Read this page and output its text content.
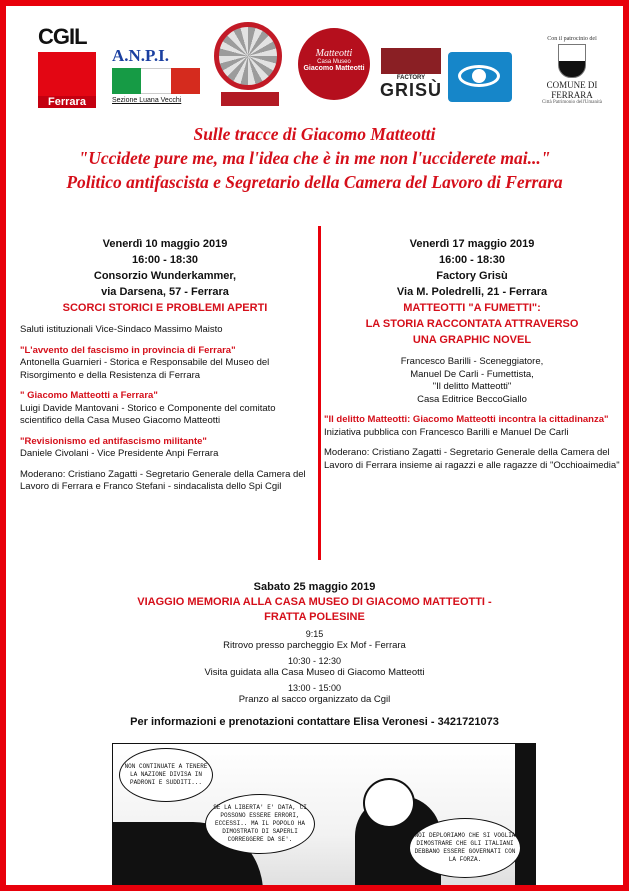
CGIL
Ferrara
A.N.P.I.
Sezione Luana Vecchi
Matteotti
Casa Museo
Giacomo Matteotti
FACTORY
GRISÙ
Con il patrocinio del
COMUNE DI FERRARA
Città Patrimonio dell'Umanità
Sulle tracce di Giacomo Matteotti
"Uccidete pure me, ma l'idea che è in me non l'ucciderete mai..."
Politico antifascista e Segretario della Camera del Lavoro di Ferrara
Venerdì 10 maggio 2019
16:00 - 18:30
Consorzio Wunderkammer,
via Darsena, 57 - Ferrara
SCORCI STORICI E PROBLEMI APERTI
Saluti istituzionali Vice-Sindaco Massimo Maisto
"L'avvento del fascismo in provincia di Ferrara"
Antonella Guarnieri - Storica e Responsabile del Museo del Risorgimento e della Resistenza di Ferrara
" Giacomo Matteotti a Ferrara"
Luigi Davide Mantovani - Storico e Componente del comitato scientifico della Casa Museo Giacomo Matteotti
"Revisionismo ed antifascismo militante"
Daniele Civolani - Vice Presidente Anpi Ferrara
Moderano: Cristiano Zagatti - Segretario Generale della Camera del Lavoro di Ferrara e Franco Stefani - sindacalista dello Spi Cgil
Venerdì 17 maggio 2019
16:00 - 18:30
Factory Grisù
Via M. Poledrelli, 21 - Ferrara
MATTEOTTI "A FUMETTI":
LA STORIA RACCONTATA ATTRAVERSO
UNA GRAPHIC NOVEL
Francesco Barilli - Sceneggiatore,
Manuel De Carli - Fumettista,
"Il delitto Matteotti"
Casa Editrice BeccoGiallo
"Il delitto Matteotti: Giacomo Matteotti incontra la cittadinanza"
Iniziativa pubblica con Francesco Barilli e Manuel De Carli
Moderano: Cristiano Zagatti - Segretario Generale della Camera del Lavoro di Ferrara insieme ai ragazzi e alle ragazze di "Occhioaimedia"
Sabato 25 maggio 2019
VIAGGIO MEMORIA ALLA CASA MUSEO DI GIACOMO MATTEOTTI -
FRATTA POLESINE
9:15
Ritrovo presso parcheggio Ex Mof - Ferrara
10:30 - 12:30
Visita guidata alla Casa Museo di Giacomo Matteotti
13:00 - 15:00
Pranzo al sacco organizzato da Cgil
Per informazioni e prenotazioni contattare Elisa Veronesi - 3421721073
NON CONTINUATE A TENERE LA NAZIONE DIVISA IN PADRONI E SUDDITI...
SE LA LIBERTA' E' DATA, CI POSSONO ESSERE ERRORI, ECCESSI.. MA IL POPOLO HA DIMOSTRATO DI SAPERLI CORREGGERE DA SE'.
NOI DEPLORIAMO CHE SI VOGLIA DIMOSTRARE CHE GLI ITALIANI DEBBANO ESSERE GOVERNATI CON LA FORZA.
